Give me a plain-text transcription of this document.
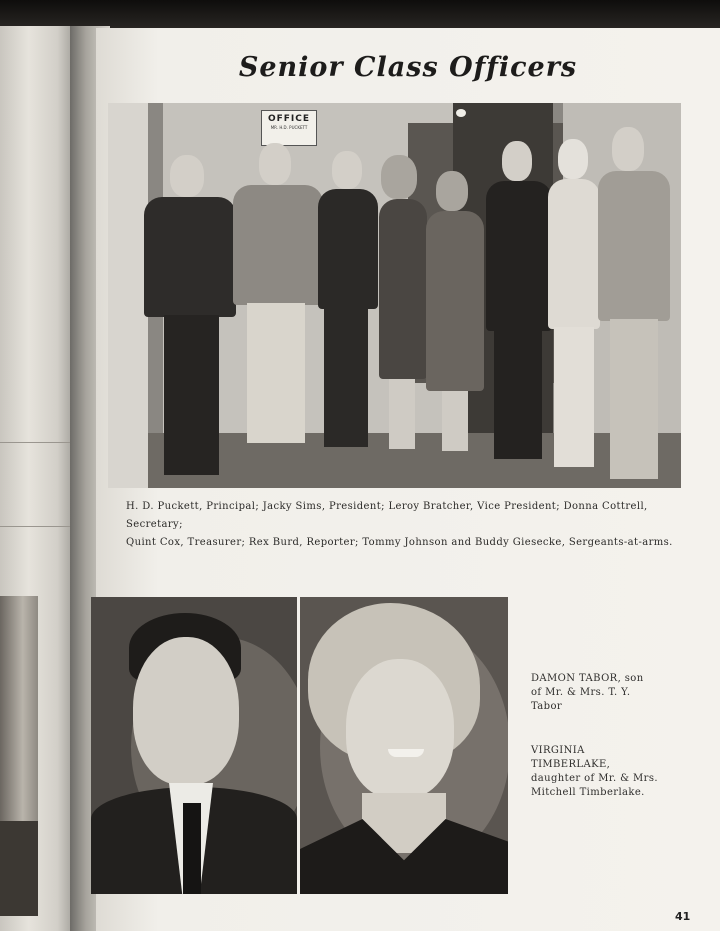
Senior Class Officers
OFFICE
MR. H.D. PUCKETT

H. D. Puckett, Principal; Jacky Sims, President; Leroy Bratcher, Vice President; Donna Cottrell, Secretary;
Quint Cox, Treasurer; Rex Burd, Reporter; Tommy Johnson and Buddy Giesecke, Sergeants-at-arms.

DAMON TABOR, son of Mr. & Mrs. T. Y. Tabor

VIRGINIA TIMBERLAKE, daughter of Mr. & Mrs. Mitchell Timberlake.

41
